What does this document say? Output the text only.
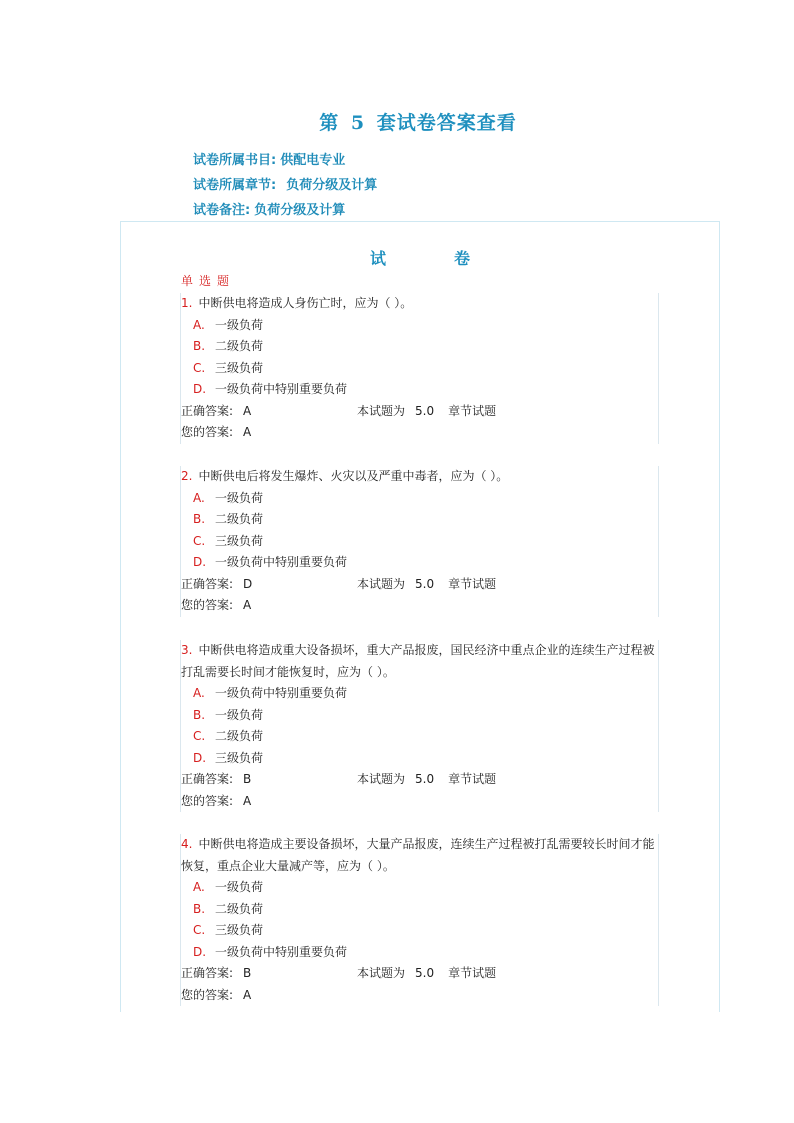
第 5 套试卷答案查看
试卷所属书目: 供配电专业
试卷所属章节: 负荷分级及计算
试卷备注: 负荷分级及计算
试	卷
单选题
1. 中断供电将造成人身伤亡时，应为（ ）。
A. 一级负荷
B. 二级负荷
C. 三级负荷
D. 一级负荷中特别重要负荷
正确答案: A	本试题为 5.0 章节试题
您的答案: A
2. 中断供电后将发生爆炸、火灾以及严重中毒者，应为（ ）。
A. 一级负荷
B. 二级负荷
C. 三级负荷
D. 一级负荷中特别重要负荷
正确答案: D	本试题为 5.0 章节试题
您的答案: A
3. 中断供电将造成重大设备损坏，重大产品报废，国民经济中重点企业的连续生产过程被打乱需要长时间才能恢复时，应为（ ）。
A. 一级负荷中特别重要负荷
B. 一级负荷
C. 二级负荷
D. 三级负荷
正确答案: B	本试题为 5.0 章节试题
您的答案: A
4. 中断供电将造成主要设备损坏，大量产品报废，连续生产过程被打乱需要较长时间才能恢复，重点企业大量减产等，应为（ ）。
A. 一级负荷
B. 二级负荷
C. 三级负荷
D. 一级负荷中特别重要负荷
正确答案: B	本试题为 5.0 章节试题
您的答案: A
